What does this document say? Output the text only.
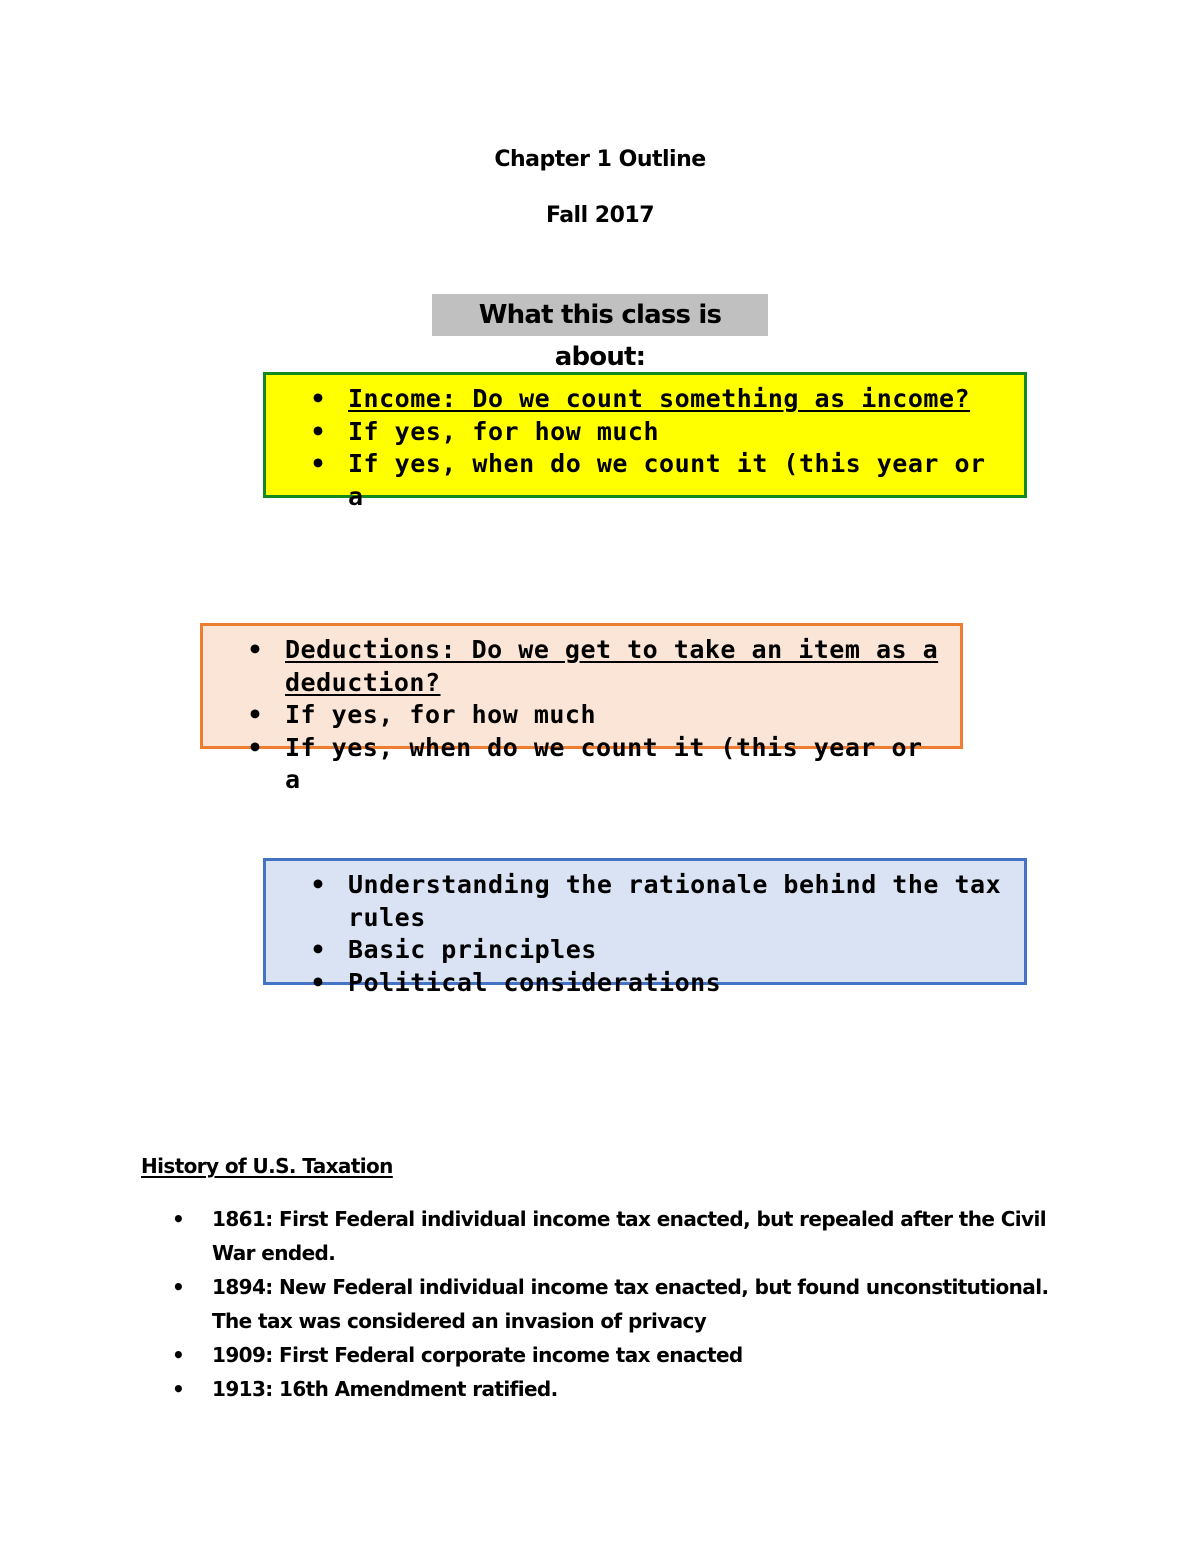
Chapter 1 Outline
Fall 2017
What this class is about:
• Income: Do we count something as income?
• If yes, for how much
• If yes, when do we count it (this year or a
• Deductions: Do we get to take an item as a deduction?
• If yes, for how much
• If yes, when do we count it (this year or a
• Understanding the rationale behind the tax rules
• Basic principles
• Political considerations
History of U.S. Taxation
• 1861: First Federal individual income tax enacted, but repealed after the Civil War ended.
• 1894: New Federal individual income tax enacted, but found unconstitutional. The tax was considered an invasion of privacy
• 1909: First Federal corporate income tax enacted
• 1913: 16th Amendment ratified.
